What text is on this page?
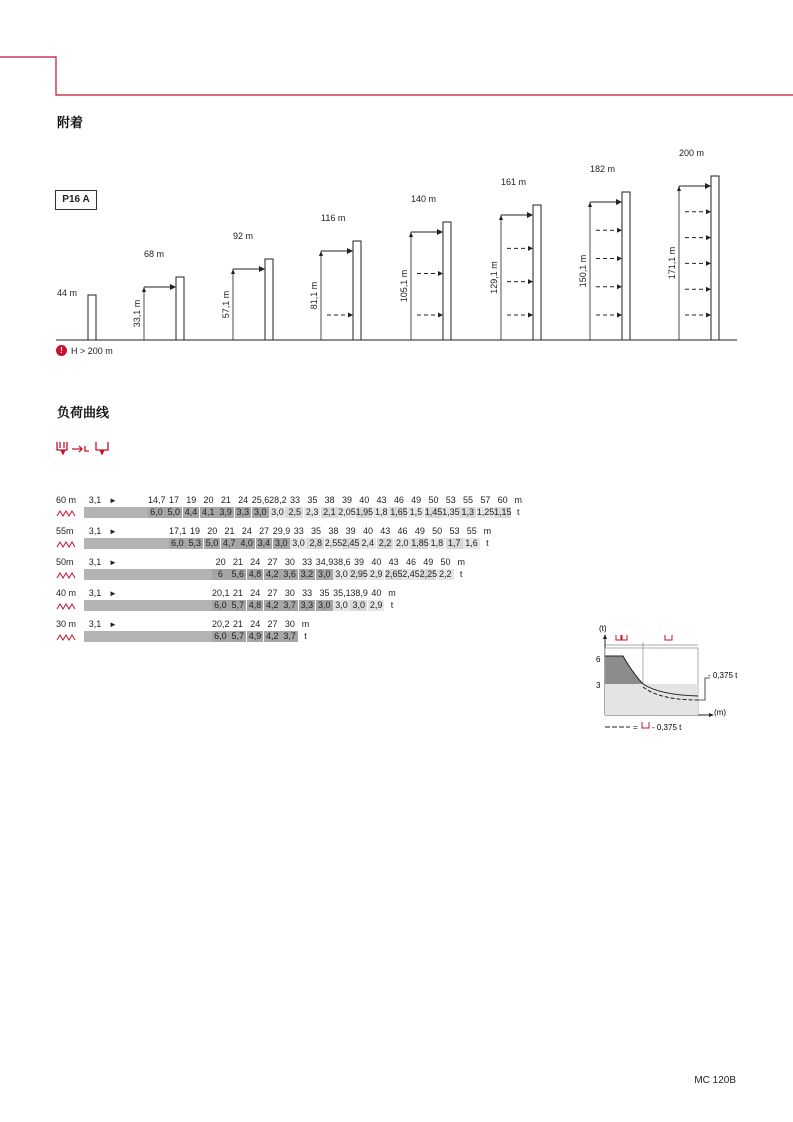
附着
P16 A
44 m
68 m
33,1 m
92 m
57,1 m
116 m
81,1 m
140 m
105,1 m
161 m
129,1 m
182 m
150,1 m
200 m
171,1 m
! H > 200 m
负荷曲线
60 m	3,1 ►	14,7 17 19 20 21 24 25,6 28,2 33 35 38 39 40 43 46 49 50 53 55 57 60 m
6,0 5,0 4,4 4,1 3,9 3,3 3,0 3,0 2,5 2,3 2,1 2,05 1,95 1,8 1,65 1,5 1,45 1,35 1,3 1,25 1,15 t
55m	3,1 ►	17,1 19 20 21 24 27 29,9 33 35 38 39 40 43 46 49 50 53 55 m
6,0 5,3 5,0 4,7 4,0 3,4 3,0 3,0 2,8 2,55 2,45 2,4 2,2 2,0 1,85 1,8 1,7 1,6 t
50m	3,1 ►	20 21 24 27 30 33 34,9 38,6 39 40 43 46 49 50 m
6 5,6 4,8 4,2 3,6 3,2 3,0 3,0 2,95 2,9 2,65 2,45 2,25 2,2 t
40 m	3,1 ►	20,1 21 24 27 30 33 35 35,1 38,9 40 m
6,0 5,7 4,8 4,2 3,7 3,3 3,0 3,0 3,0 2,9 t
30 m	3,1 ►	20,2 21 24 27 30 m
6,0 5,7 4,9 4,2 3,7 t
(t)
(m)
6
3
- 0,375 t
= - 0,375 t
MC 120B
